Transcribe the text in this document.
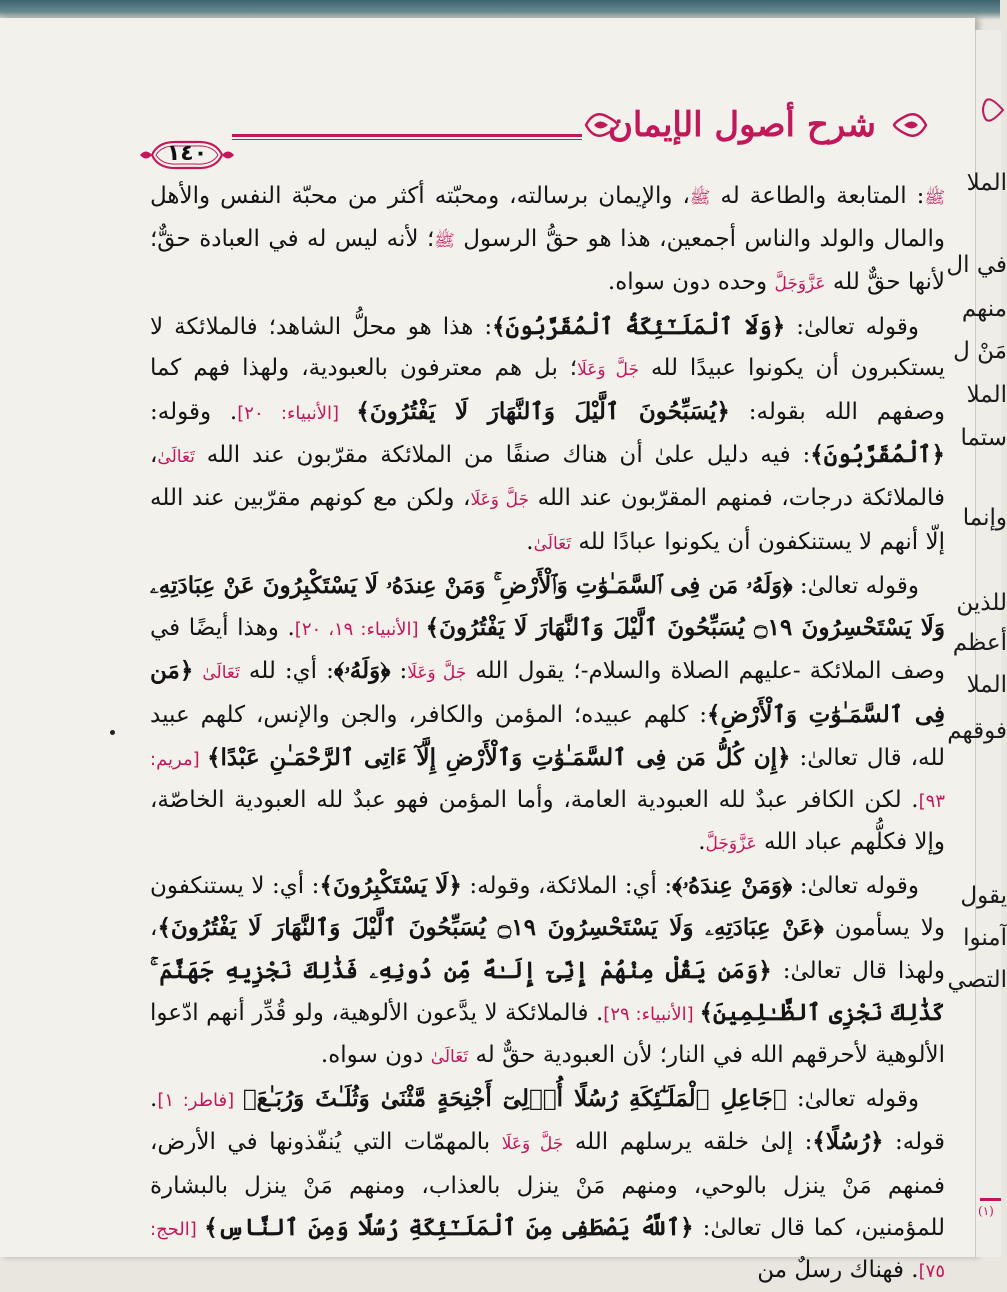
١٤٠
شرح أصول الإيمان

ﷺ: المتابعة والطاعة له ﷺ، والإيمان برسالته، ومحبّته أكثر من محبّة النفس والأهل والمال والولد والناس أجمعين، هذا هو حقُّ الرسول ﷺ؛ لأنه ليس له في العبادة حقٌّ؛ لأنها حقٌّ لله عَزَّوَجَلَّ وحده دون سواه.

وقوله تعالىٰ: ﴿وَلَا ٱلْمَلَـٰٓئِكَةُ ٱلْمُقَرَّبُونَ﴾: هذا هو محلُّ الشاهد؛ فالملائكة لا يستكبرون أن يكونوا عبيدًا لله جَلَّ وَعَلَا؛ بل هم معترفون بالعبودية، ولهذا فهم كما وصفهم الله بقوله: ﴿يُسَبِّحُونَ ٱلَّيْلَ وَٱلنَّهَارَ لَا يَفْتُرُونَ﴾ [الأنبياء: ٢٠]. وقوله: ﴿ٱلْمُقَرَّبُونَ﴾: فيه دليل علىٰ أن هناك صنفًا من الملائكة مقرّبون عند الله تَعَالَىٰ، فالملائكة درجات، فمنهم المقرّبون عند الله جَلَّ وَعَلَا، ولكن مع كونهم مقرّبين عند الله إلّا أنهم لا يستنكفون أن يكونوا عبادًا لله تَعَالَىٰ.

وقوله تعالىٰ: ﴿وَلَهُۥ مَن فِى ٱلسَّمَـٰوَٰتِ وَٱلْأَرْضِ ۚ وَمَنْ عِندَهُۥ لَا يَسْتَكْبِرُونَ عَنْ عِبَادَتِهِۦ وَلَا يَسْتَحْسِرُونَ ۝١٩ يُسَبِّحُونَ ٱلَّيْلَ وَٱلنَّهَارَ لَا يَفْتُرُونَ﴾ [الأنبياء: ١٩، ٢٠]. وهذا أيضًا في وصف الملائكة -عليهم الصلاة والسلام-؛ يقول الله جَلَّ وَعَلَا: ﴿وَلَهُۥ﴾: أي: لله تَعَالَىٰ ﴿مَن فِى ٱلسَّمَـٰوَٰتِ وَٱلْأَرْضِ﴾: كلهم عبيده؛ المؤمن والكافر، والجن والإنس، كلهم عبيد لله، قال تعالىٰ: ﴿إِن كُلُّ مَن فِى ٱلسَّمَـٰوَٰتِ وَٱلْأَرْضِ إِلَّآ ءَاتِى ٱلرَّحْمَـٰنِ عَبْدًا﴾ [مريم: ٩٣]. لكن الكافر عبدٌ لله العبودية العامة، وأما المؤمن فهو عبدٌ لله العبودية الخاصّة، وإلا فكلُّهم عباد الله عَزَّوَجَلَّ.

وقوله تعالىٰ: ﴿وَمَنْ عِندَهُۥ﴾: أي: الملائكة، وقوله: ﴿لَا يَسْتَكْبِرُونَ﴾: أي: لا يستنكفون ولا يسأمون ﴿عَنْ عِبَادَتِهِۦ وَلَا يَسْتَحْسِرُونَ ۝١٩ يُسَبِّحُونَ ٱلَّيْلَ وَٱلنَّهَارَ لَا يَفْتُرُونَ﴾، ولهذا قال تعالىٰ: ﴿وَمَن يَقُلْ مِنْهُمْ إِنِّىٓ إِلَـٰهٌ مِّن دُونِهِۦ فَذَٰلِكَ نَجْزِيهِ جَهَنَّمَ ۚ كَذَٰلِكَ نَجْزِى ٱلظَّـٰلِمِينَ﴾ [الأنبياء: ٢٩]. فالملائكة لا يدَّعون الألوهية، ولو قُدِّر أنهم ادّعوا الألوهية لأحرقهم الله في النار؛ لأن العبودية حقٌّ له تَعَالَىٰ دون سواه.

وقوله تعالىٰ: ﴿جَاعِلِ ٱلْمَلَـٰٓئِكَةِ رُسُلًا أُو۟لِىٓ أَجْنِحَةٍ مَّثْنَىٰ وَثُلَـٰثَ وَرُبَـٰعَ﴾ [فاطر: ١]. قوله: ﴿رُسُلًا﴾: إلىٰ خلقه يرسلهم الله جَلَّ وَعَلَا بالمهمّات التي يُنفّذونها في الأرض، فمنهم مَنْ ينزل بالوحي، ومنهم مَنْ ينزل بالعذاب، ومنهم مَنْ ينزل بالبشارة للمؤمنين، كما قال تعالىٰ: ﴿ٱللَّهُ يَصْطَفِى مِنَ ٱلْمَلَـٰٓئِكَةِ رُسُلًا وَمِنَ ٱلنَّاسِ﴾ [الحج: ٧٥]. فهناك رسلٌ من

الملا
في ال
منهم
مَنْ ل
الملا
ستما
وإنما
للذين
أعظم
الملا
فوقهم
يقول
آمنوا
التصي
(١)
